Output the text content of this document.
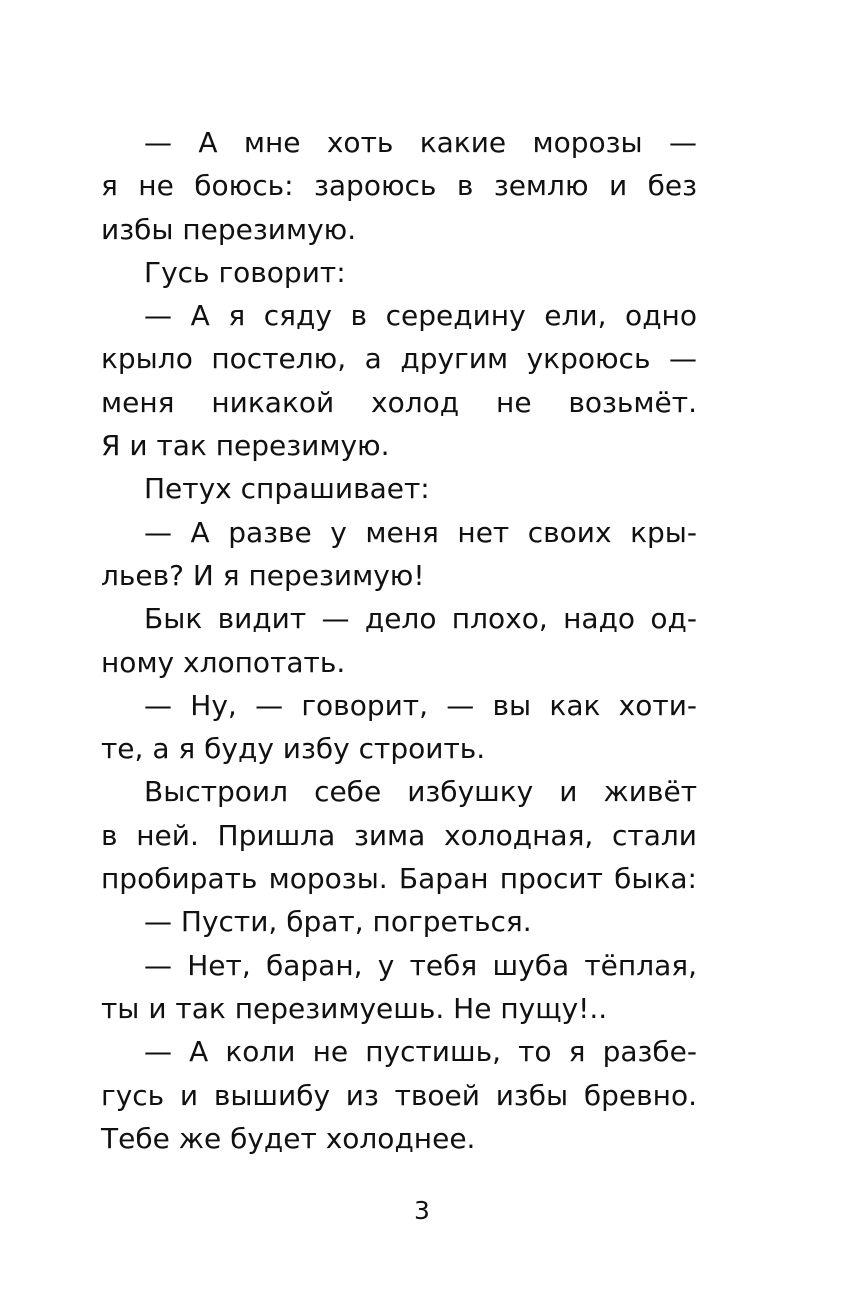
— А мне хоть какие морозы —
я не боюсь: зароюсь в землю и без
избы перезимую.
Гусь говорит:
— А я сяду в середину ели, одно
крыло постелю, а другим укроюсь —
меня никакой холод не возьмёт.
Я и так перезимую.
Петух спрашивает:
— А разве у меня нет своих кры-
льев? И я перезимую!
Бык видит — дело плохо, надо од-
ному хлопотать.
— Ну, — говорит, — вы как хоти-
те, а я буду избу строить.
Выстроил себе избушку и живёт
в ней. Пришла зима холодная, стали
пробирать морозы. Баран просит быка:
— Пусти, брат, погреться.
— Нет, баран, у тебя шуба тёплая,
ты и так перезимуешь. Не пущу!..
— А коли не пустишь, то я разбе-
гусь и вышибу из твоей избы бревно.
Тебе же будет холоднее.
3
